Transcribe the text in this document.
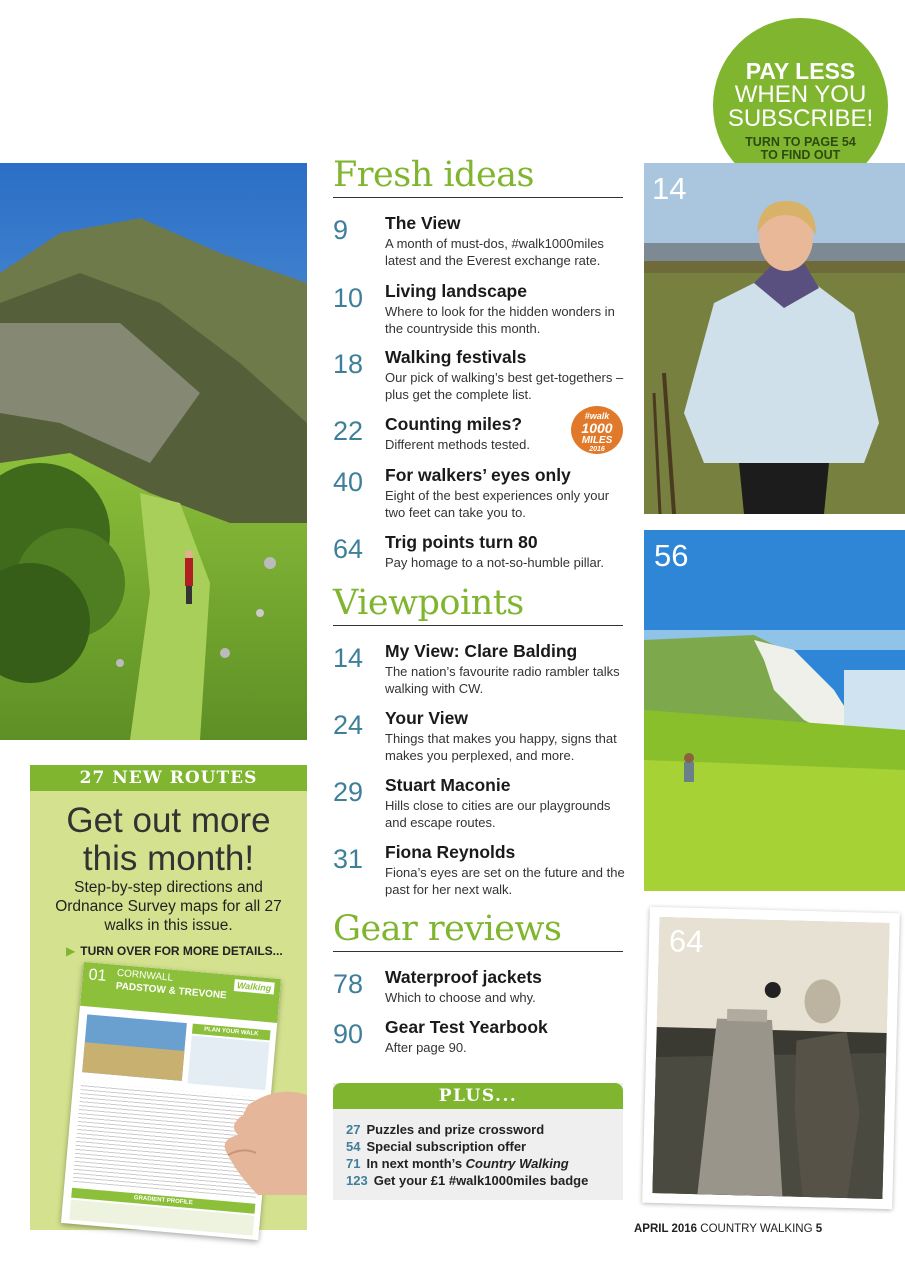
PAY LESS
WHEN YOU
SUBSCRIBE!
TURN TO PAGE 54 TO FIND OUT
14
56
64
Fresh ideas
9 The View
A month of must-dos, #walk1000miles latest and the Everest exchange rate.
10 Living landscape
Where to look for the hidden wonders in the countryside this month.
18 Walking festivals
Our pick of walking’s best get-togethers – plus get the complete list.
22 Counting miles?
Different methods tested.
#walk
1000
MILES
2016
40 For walkers’ eyes only
Eight of the best experiences only your two feet can take you to.
64 Trig points turn 80
Pay homage to a not-so-humble pillar.
Viewpoints
14 My View: Clare Balding
The nation’s favourite radio rambler talks walking with CW.
24 Your View
Things that makes you happy, signs that makes you perplexed, and more.
29 Stuart Maconie
Hills close to cities are our playgrounds and escape routes.
31 Fiona Reynolds
Fiona’s eyes are set on the future and the past for her next walk.
Gear reviews
78 Waterproof jackets
Which to choose and why.
90 Gear Test Yearbook
After page 90.
27 NEW ROUTES
Get out more
this month!
Step-by-step directions and Ordnance Survey maps for all 27 walks in this issue.
▶ TURN OVER FOR MORE DETAILS...
01 CORNWALL
PADSTOW & TREVONE	Walking
PLAN YOUR WALK
GRADIENT PROFILE
PLUS...
27 Puzzles and prize crossword
54 Special subscription offer
71 In next month’s Country Walking
123 Get your £1 #walk1000miles badge
APRIL 2016 COUNTRY WALKING 5
